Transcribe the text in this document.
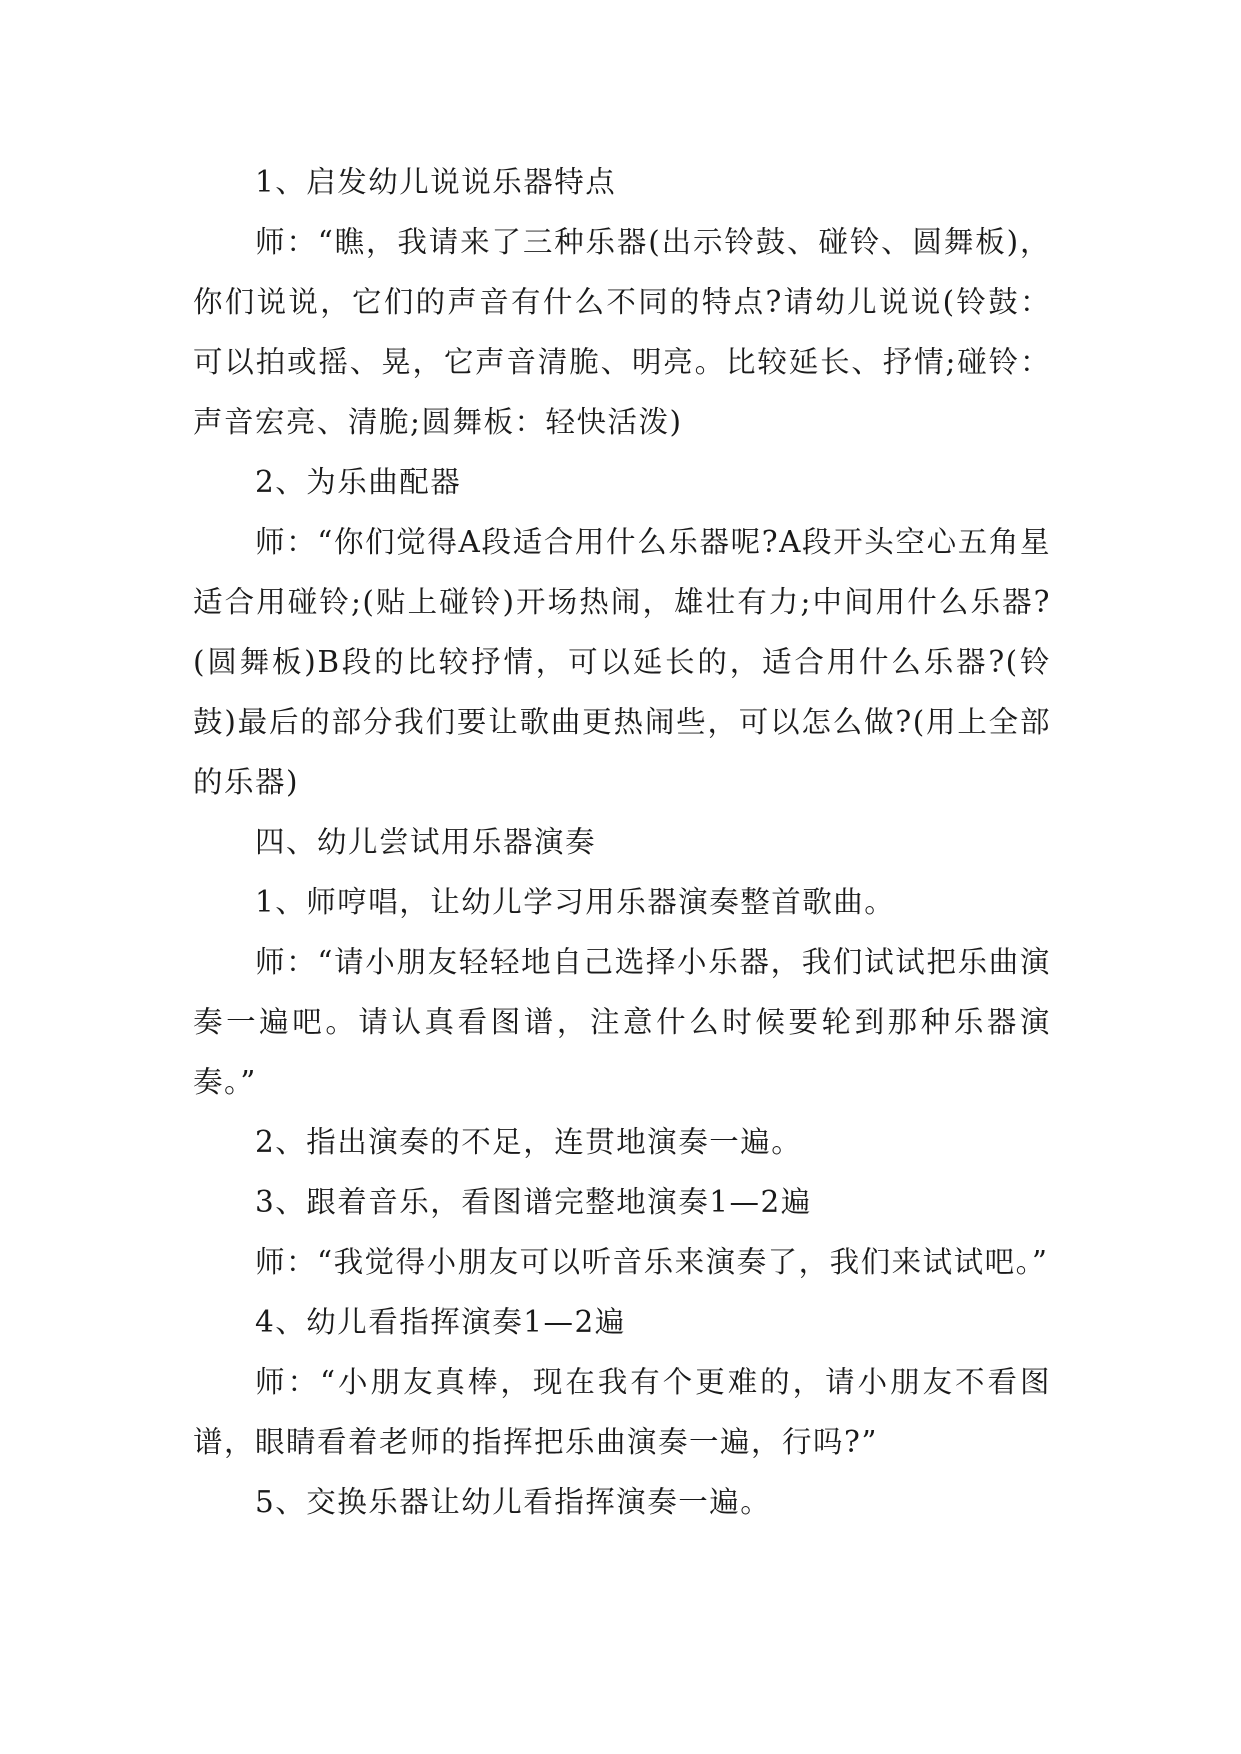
1、启发幼儿说说乐器特点

师：“瞧，我请来了三种乐器(出示铃鼓、碰铃、圆舞板)，你们说说，它们的声音有什么不同的特点?请幼儿说说(铃鼓：可以拍或摇、晃，它声音清脆、明亮。比较延长、抒情;碰铃：声音宏亮、清脆;圆舞板：轻快活泼)

2、为乐曲配器

师：“你们觉得A段适合用什么乐器呢?A段开头空心五角星适合用碰铃;(贴上碰铃)开场热闹，雄壮有力;中间用什么乐器?(圆舞板)B段的比较抒情，可以延长的，适合用什么乐器?(铃鼓)最后的部分我们要让歌曲更热闹些，可以怎么做?(用上全部的乐器)

四、幼儿尝试用乐器演奏

1、师哼唱，让幼儿学习用乐器演奏整首歌曲。

师：“请小朋友轻轻地自己选择小乐器，我们试试把乐曲演奏一遍吧。请认真看图谱，注意什么时候要轮到那种乐器演奏。”

2、指出演奏的不足，连贯地演奏一遍。

3、跟着音乐，看图谱完整地演奏1—2遍

师：“我觉得小朋友可以听音乐来演奏了，我们来试试吧。”

4、幼儿看指挥演奏1—2遍

师：“小朋友真棒，现在我有个更难的，请小朋友不看图谱，眼睛看着老师的指挥把乐曲演奏一遍，行吗?”

5、交换乐器让幼儿看指挥演奏一遍。
